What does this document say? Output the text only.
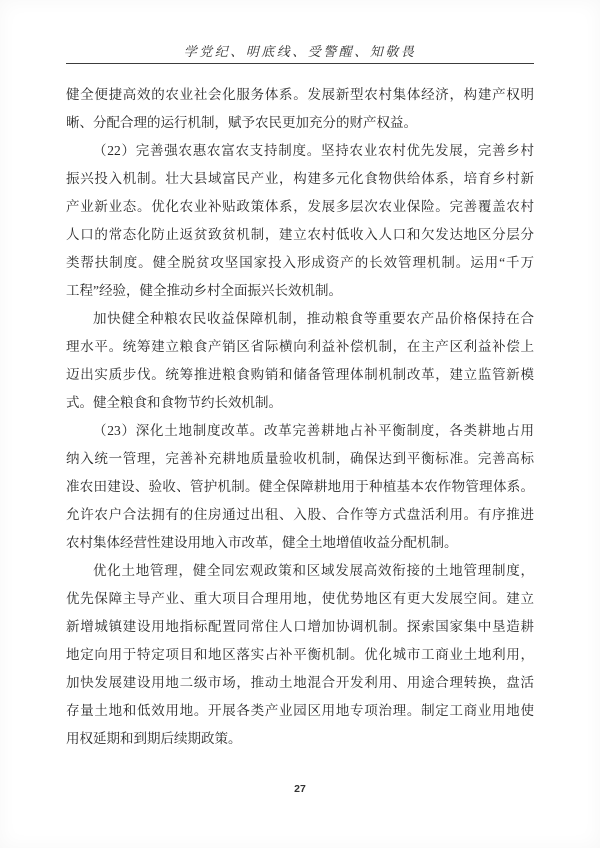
学党纪、明底线、受警醒、知敬畏
健全便捷高效的农业社会化服务体系。发展新型农村集体经济，构建产权明
晰、分配合理的运行机制，赋予农民更加充分的财产权益。
（22）完善强农惠农富农支持制度。坚持农业农村优先发展，完善乡村
振兴投入机制。壮大县域富民产业，构建多元化食物供给体系，培育乡村新
产业新业态。优化农业补贴政策体系，发展多层次农业保险。完善覆盖农村
人口的常态化防止返贫致贫机制，建立农村低收入人口和欠发达地区分层分
类帮扶制度。健全脱贫攻坚国家投入形成资产的长效管理机制。运用“千万
工程”经验，健全推动乡村全面振兴长效机制。
加快健全种粮农民收益保障机制，推动粮食等重要农产品价格保持在合
理水平。统筹建立粮食产销区省际横向利益补偿机制，在主产区利益补偿上
迈出实质步伐。统筹推进粮食购销和储备管理体制机制改革，建立监管新模
式。健全粮食和食物节约长效机制。
（23）深化土地制度改革。改革完善耕地占补平衡制度，各类耕地占用
纳入统一管理，完善补充耕地质量验收机制，确保达到平衡标准。完善高标
准农田建设、验收、管护机制。健全保障耕地用于种植基本农作物管理体系。
允许农户合法拥有的住房通过出租、入股、合作等方式盘活利用。有序推进
农村集体经营性建设用地入市改革，健全土地增值收益分配机制。
优化土地管理，健全同宏观政策和区域发展高效衔接的土地管理制度，
优先保障主导产业、重大项目合理用地，使优势地区有更大发展空间。建立
新增城镇建设用地指标配置同常住人口增加协调机制。探索国家集中垦造耕
地定向用于特定项目和地区落实占补平衡机制。优化城市工商业土地利用，
加快发展建设用地二级市场，推动土地混合开发利用、用途合理转换，盘活
存量土地和低效用地。开展各类产业园区用地专项治理。制定工商业用地使
用权延期和到期后续期政策。
27
